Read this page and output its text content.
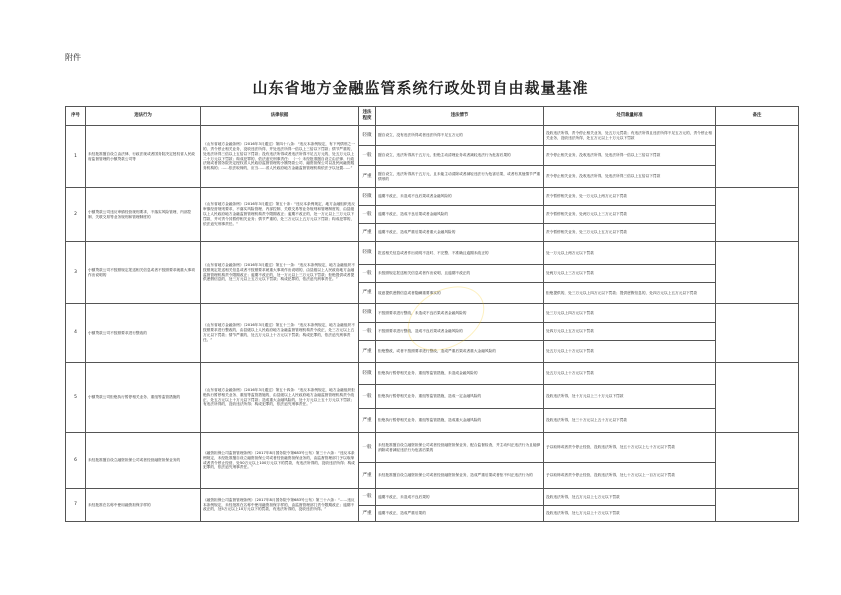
附件
山东省地方金融监管系统行政处罚自由裁量基准
序号	违法行为	法律依据	违法程度	违法情节	处罚裁量标准	备注
1	未经批准擅自设立由法律、行政法规或者国务院决定授权省人民政府监督管理的小额贷款公司等	《山东省地方金融条例》（2016年3月通过）第四十八条：“违反本条例规定，有下列情形之一的，责令停止相关业务，没收违法所得，并处违法所得一倍以上三倍以下罚款；情节严重的，处违法所得三倍以上五倍以下罚款；没有违法所得或者违法所得不足五万元的，处五万元以上二十万元以下罚款；构成犯罪的，依法追究刑事责任：（一）未经批准擅自设立由法律、行政法规或者国务院决定授权省人民政府监督管理的小额贷款公司、融资担保公司以及民间融资服务机构的；……依法取缔的，应当……省人民政府地方金融监督管理机构依法予以处置……”	轻微	擅自设立，没有违法所得或者违法所得不足五万元的	没收违法所得，责令停止相关业务，处五万元罚款；有违法所得且违法所得不足五万元的，责令停止相关业务，没收违法所得，处五万元以上十万元以下罚款	
			一般	擅自设立，违法所得高于五万元，拒绝主动清理业务或者减轻违法行为危害后果的	责令停止相关业务，没收违法所得，处违法所得一倍以上三倍以下罚款	
			严重	擅自设立，违法所得高于五万元，且未能主动清除或者减轻违法行为危害后果，或者有其他情节严重情形的	责令停止相关业务，没收违法所得，处违法所得三倍以上五倍以下罚款	
2	小额贷款公司违反审慎经营规则要求，不落实风险管理、内部控制、关联交易等业务规则和管理制度的	《山东省地方金融条例》（2016年3月通过）第五十条：“违反本条例规定，地方金融组织违反审慎经营规则要求，不落实风险管理、内部控制、关联交易等业务规则和管理制度的，由县级以上人民政府地方金融监督管理机构责令限期改正；逾期不改正的，处一万元以上三万元以下罚款，并可责令其暂停相关业务；情节严重的，处三万元以上五万元以下罚款；构成犯罪的，依法追究刑事责任。”	轻微	逾期不改正，未造成不良后果或者金融风险的	责令暂停相关业务，处一万元以上两万元以下罚款	
			一般	逾期不改正，造成不良后果或者金融风险的	责令暂停相关业务，处两万元以上三万元以下罚款	
			严重	逾期不改正，造成严重后果或者重大金融风险的	责令暂停相关业务，处三万元以上五万元以下罚款	
3	小额贷款公司不按照规定报送相关信息或者不按照要求就重大事项作出说明的	《山东省地方金融条例》（2016年3月通过）第五十一条：“违反本条例规定，地方金融组织不按照规定报送相关信息或者不按照要求就重大事项作出说明的，由县级以上人民政府地方金融监督管理机构责令限期改正；逾期不改正的，处一万元以上三万元以下罚款；拒绝提供或者提供虚假信息的，处三万元以上五万元以下罚款；构成犯罪的，依法追究刑事责任。”	轻微	报送相关信息或者作出说明不及时、不完整、不准确且逾期未改正的	处一万元以上两万元以下罚款	
			一般	未按照规定报送相关信息或者作出说明，且逾期不改正的	处两万元以上三万元以下罚款	
			严重	故意提供虚假信息或者隐瞒重要事实的	拒绝提供的，处三万元以上四万元以下罚款；提供虚假信息的，处四万元以上五万元以下罚款	
4	小额贷款公司不按照要求进行整改的	《山东省地方金融条例》（2016年3月通过）第五十三条：“违反本条例规定，地方金融组织不按照要求进行整改的，由县级以上人民政府地方金融监督管理机构责令改正，处三万元以上五万元以下罚款；情节严重的，处五万元以上十万元以下罚款；构成犯罪的，依法追究刑事责任。”	轻微	不按照要求进行整改，未造成不良后果或者金融风险的	处三万元以上四万元以下罚款	
			一般	不按照要求进行整改，造成不良后果或者金融风险的	处四万元以上五万元以下罚款	
			严重	拒绝整改，或者不按照要求进行整改，造成严重后果或者重大金融风险的	处五万元以上十万元以下罚款	
5	小额贷款公司拒绝执行暂停相关业务、重组等监管措施的	《山东省地方金融条例》（2016年3月通过）第五十四条：“违反本条例规定，地方金融组织拒绝执行暂停相关业务、重组等监管措施的，由县级以上人民政府地方金融监督管理机构责令改正，处五万元以上十万元以下罚款；造成重大金融风险的，处十万元以上五十万元以下罚款；有违法所得的，没收违法所得；构成犯罪的，依法追究刑事责任。”	轻微	拒绝执行暂停相关业务、重组等监管措施，未造成金融风险的	处五万元以上十万元以下罚款	
			一般	拒绝执行暂停相关业务、重组等监管措施，造成一定金融风险的	没收违法所得，处十万元以上三十万元以下罚款	
			严重	拒绝执行暂停相关业务、重组等监管措施，造成重大金融风险的	没收违法所得，处三十万元以上五十万元以下罚款	
6	未经批准擅自设立融资担保公司或者经营融资担保业务的	《融资担保公司监督管理条例》（2017年8月国务院令第683号公布）第三十六条：“违反本条例规定，未经批准擅自设立融资担保公司或者经营融资担保业务的，由监督管理部门予以取缔或者责令停止经营，处50万元以上100万元以下的罚款，有违法所得的，没收违法所得；构成犯罪的，依法追究刑事责任。”	一般	未经批准擅自设立融资担保公司或者经营融资担保业务，配合监督检查，并主动纠正违法行为且能够消除或者减轻违法行为危害后果的	予以取缔或者责令停止经营，没收违法所得，处五十万元以上七十万元以下罚款	
			严重	未经批准擅自设立融资担保公司或者经营融资担保业务，造成严重后果或者拒不纠正违法行为的	予以取缔或者责令停止经营，没收违法所得，处七十万元以上一百万元以下罚款	
7	未经批准在名称中使用融资担保字样的	《融资担保公司监督管理条例》（2017年8月国务院令第683号公布）第三十六条：“……违反本条例规定，未经批准在名称中使用融资担保字样的，由监督管理部门责令限期改正；逾期不改正的，处5万元以上10万元以下的罚款，有违法所得的，没收违法所得。”	一般	逾期不改正，未造成不良后果的	没收违法所得，处五万元以上七万元以下罚款	
			严重	逾期不改正，造成严重后果的	没收违法所得，处七万元以上十万元以下罚款	
